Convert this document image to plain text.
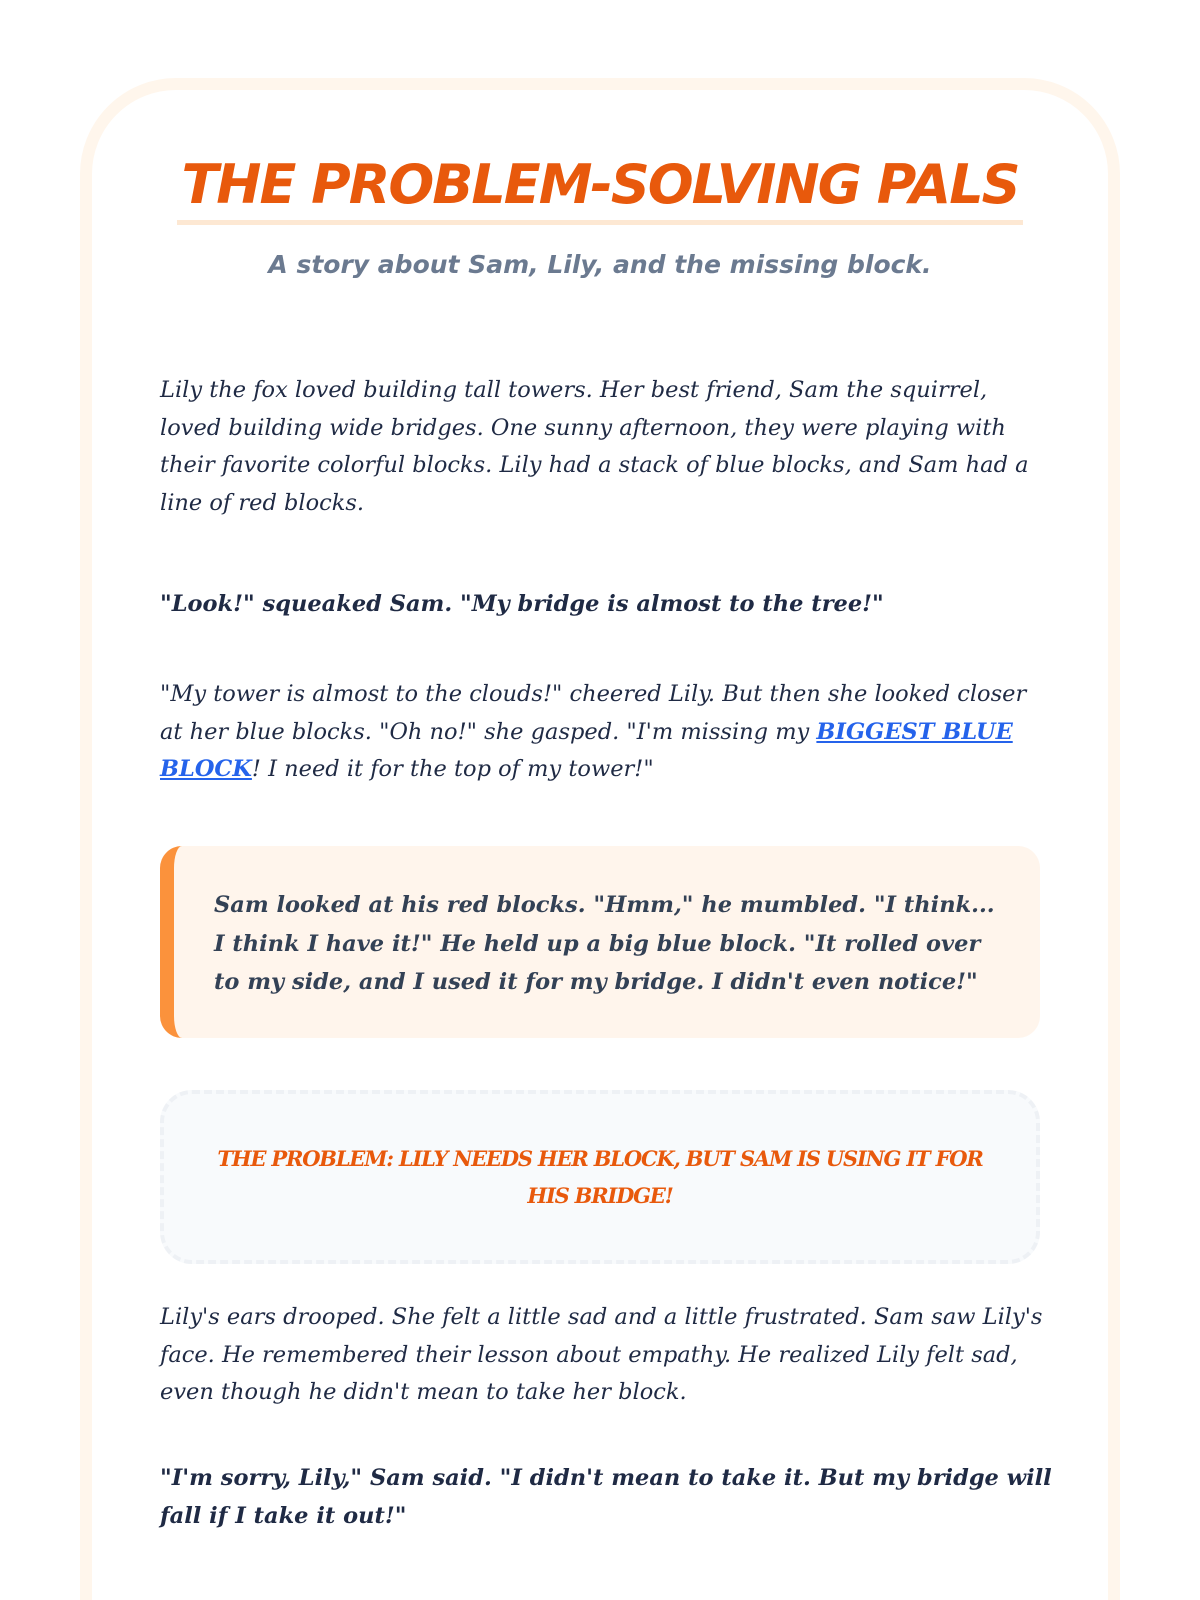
THE PROBLEM-SOLVING PALS

A story about Sam, Lily, and the missing block.

Lily the fox loved building tall towers. Her best friend, Sam the squirrel, loved building wide bridges. One sunny afternoon, they were playing with their favorite colorful blocks. Lily had a stack of blue blocks, and Sam had a line of red blocks.

"Look!" squeaked Sam. "My bridge is almost to the tree!"

"My tower is almost to the clouds!" cheered Lily. But then she looked closer at her blue blocks. "Oh no!" she gasped. "I'm missing my BIGGEST BLUE BLOCK! I need it for the top of my tower!"

Sam looked at his red blocks. "Hmm," he mumbled. "I think... I think I have it!" He held up a big blue block. "It rolled over to my side, and I used it for my bridge. I didn't even notice!"

THE PROBLEM: LILY NEEDS HER BLOCK, BUT SAM IS USING IT FOR HIS BRIDGE!

Lily's ears drooped. She felt a little sad and a little frustrated. Sam saw Lily's face. He remembered their lesson about empathy. He realized Lily felt sad, even though he didn't mean to take her block.

"I'm sorry, Lily," Sam said. "I didn't mean to take it. But my bridge will fall if I take it out!"
